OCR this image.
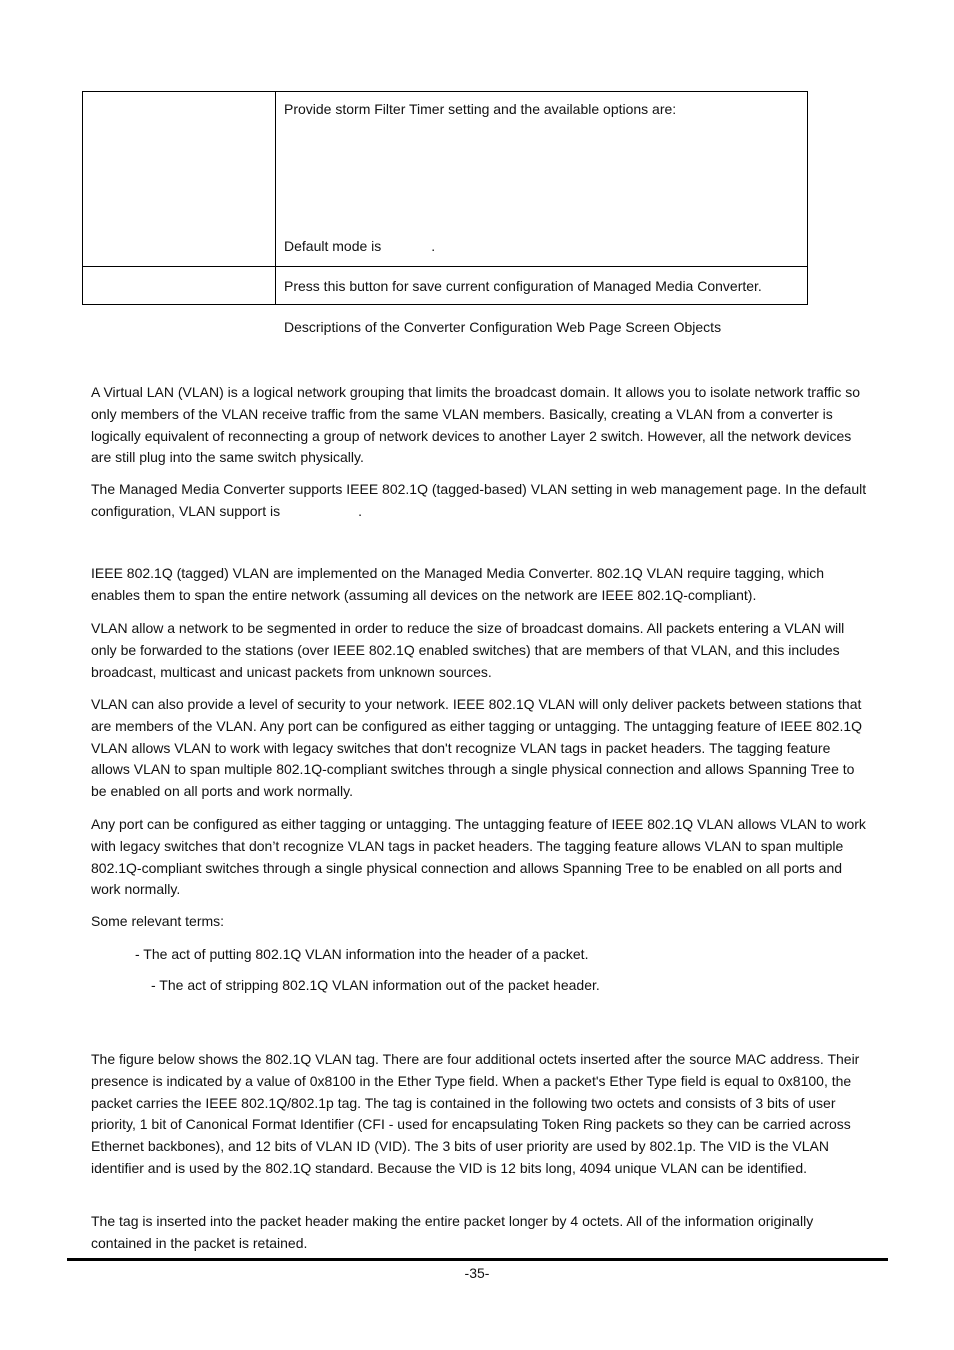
	Provide storm Filter Timer setting and the available options are:
Default mode is .

	Press this button for save current configuration of Managed Media Converter.
Descriptions of the Converter Configuration Web Page Screen Objects

A Virtual LAN (VLAN) is a logical network grouping that limits the broadcast domain. It allows you to isolate network traffic so only members of the VLAN receive traffic from the same VLAN members. Basically, creating a VLAN from a converter is logically equivalent of reconnecting a group of network devices to another Layer 2 switch. However, all the network devices are still plug into the same switch physically.

The Managed Media Converter supports IEEE 802.1Q (tagged-based) VLAN setting in web management page. In the default configuration, VLAN support is	.

IEEE 802.1Q (tagged) VLAN are implemented on the Managed Media Converter. 802.1Q VLAN require tagging, which enables them to span the entire network (assuming all devices on the network are IEEE 802.1Q-compliant).

VLAN allow a network to be segmented in order to reduce the size of broadcast domains. All packets entering a VLAN will only be forwarded to the stations (over IEEE 802.1Q enabled switches) that are members of that VLAN, and this includes broadcast, multicast and unicast packets from unknown sources.

VLAN can also provide a level of security to your network. IEEE 802.1Q VLAN will only deliver packets between stations that are members of the VLAN. Any port can be configured as either tagging or untagging. The untagging feature of IEEE 802.1Q VLAN allows VLAN to work with legacy switches that don't recognize VLAN tags in packet headers. The tagging feature allows VLAN to span multiple 802.1Q-compliant switches through a single physical connection and allows Spanning Tree to be enabled on all ports and work normally.

Any port can be configured as either tagging or untagging. The untagging feature of IEEE 802.1Q VLAN allows VLAN to work with legacy switches that don’t recognize VLAN tags in packet headers. The tagging feature allows VLAN to span multiple 802.1Q-compliant switches through a single physical connection and allows Spanning Tree to be enabled on all ports and work normally.

Some relevant terms:

- The act of putting 802.1Q VLAN information into the header of a packet.
- The act of stripping 802.1Q VLAN information out of the packet header.

The figure below shows the 802.1Q VLAN tag. There are four additional octets inserted after the source MAC address. Their presence is indicated by a value of 0x8100 in the Ether Type field. When a packet's Ether Type field is equal to 0x8100, the packet carries the IEEE 802.1Q/802.1p tag. The tag is contained in the following two octets and consists of 3 bits of user priority, 1 bit of Canonical Format Identifier (CFI - used for encapsulating Token Ring packets so they can be carried across Ethernet backbones), and 12 bits of VLAN ID (VID). The 3 bits of user priority are used by 802.1p. The VID is the VLAN identifier and is used by the 802.1Q standard. Because the VID is 12 bits long, 4094 unique VLAN can be identified.

The tag is inserted into the packet header making the entire packet longer by 4 octets. All of the information originally contained in the packet is retained.

-35-
